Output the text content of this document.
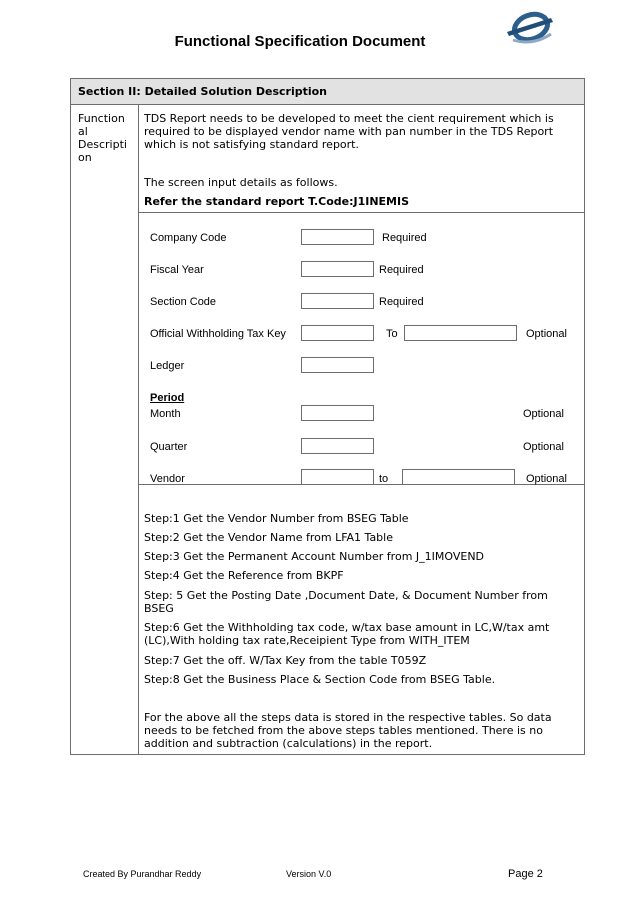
Functional Specification Document
Section II: Detailed Solution Description
Function
al
Descripti
on
TDS Report needs to be developed to meet the cient requirement which is
required to be displayed vendor name with pan number in the TDS Report
which is not satisfying standard report.
The screen input details as follows.
Refer the standard report T.Code:J1INEMIS
Step:1 Get the Vendor Number from BSEG Table
Step:2 Get the Vendor Name from LFA1 Table
Step:3 Get the Permanent Account Number from J_1IMOVEND
Step:4 Get the Reference from BKPF
Step: 5 Get the Posting Date ,Document Date, & Document Number from
BSEG
Step:6 Get the Withholding tax code, w/tax base amount in LC,W/tax amt
(LC),With holding tax rate,Receipient Type from WITH_ITEM
Step:7 Get the off. W/Tax Key from the table T059Z
Step:8 Get the Business Place & Section Code from BSEG Table.
For the above all the steps data is stored in the respective tables. So data
needs to be fetched from the above steps tables mentioned. There is no
addition and subtraction (calculations) in the report.
Company Code	Required
Fiscal Year	Required
Section Code	Required
Official Withholding Tax Key	To	Optional
Ledger
Period
Month	Optional
Quarter	Optional
Vendor	to	Optional
Created By Purandhar Reddy	Version V.0	Page 2
